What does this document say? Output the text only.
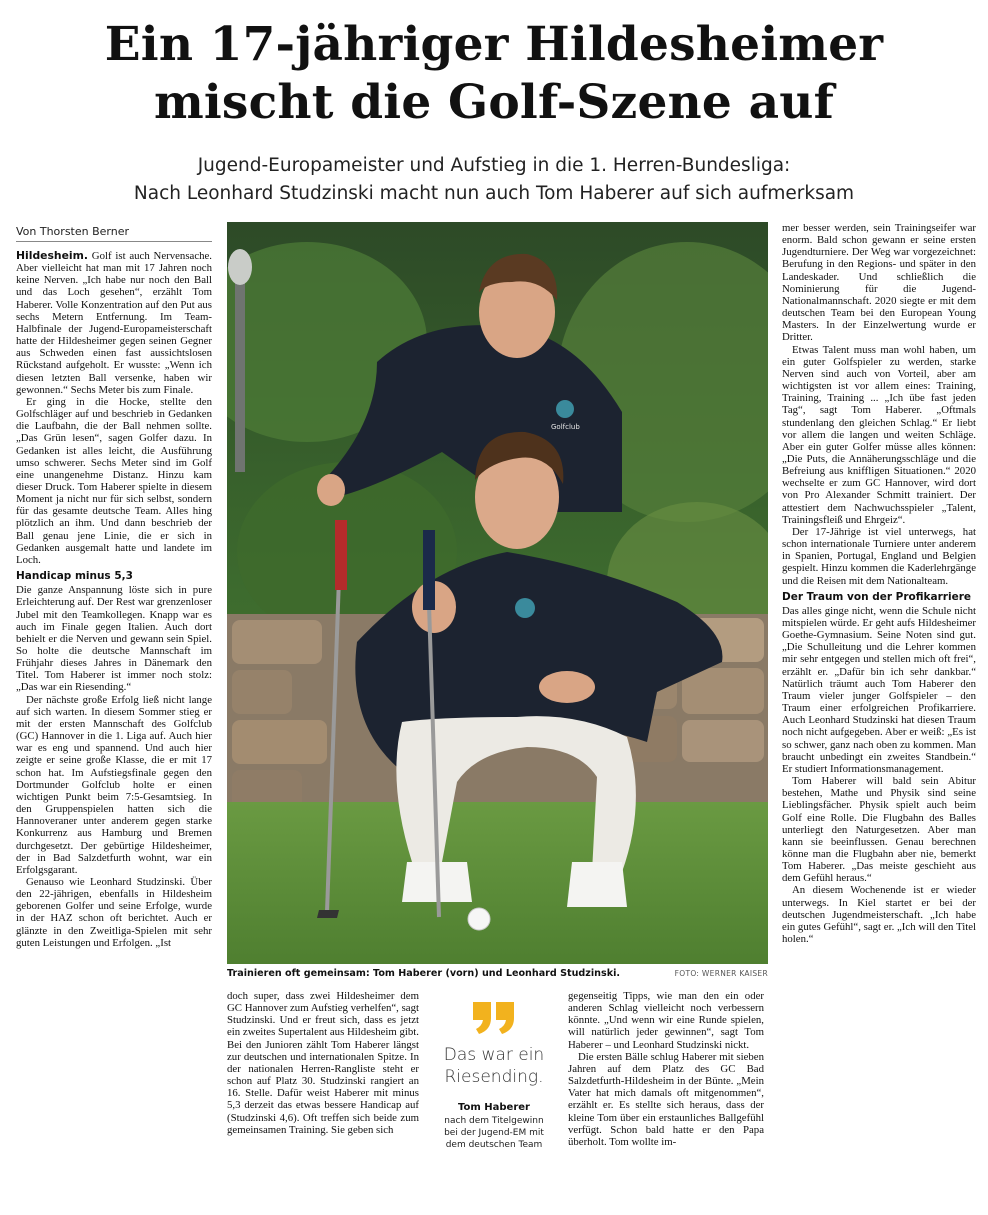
Ein 17-jähriger Hildesheimer
mischt die Golf-Szene auf
Jugend-Europameister und Aufstieg in die 1. Herren-Bundesliga:
Nach Leonhard Studzinski macht nun auch Tom Haberer auf sich aufmerksam
Von Thorsten Berner

Hildesheim. Golf ist auch Nervensache. Aber vielleicht hat man mit 17 Jahren noch keine Nerven. „Ich habe nur noch den Ball und das Loch gesehen“, erzählt Tom Haberer. Volle Konzentration auf den Put aus sechs Metern Entfernung. Im Team-Halbfinale der Jugend-Europameisterschaft hatte der Hildesheimer gegen seinen Gegner aus Schweden einen fast aussichtslosen Rückstand aufgeholt. Er wusste: „Wenn ich diesen letzten Ball versenke, haben wir gewonnen.“ Sechs Meter bis zum Finale.

Er ging in die Hocke, stellte den Golfschläger auf und beschrieb in Gedanken die Laufbahn, die der Ball nehmen sollte. „Das Grün lesen“, sagen Golfer dazu. In Gedanken ist alles leicht, die Ausführung umso schwerer. Sechs Meter sind im Golf eine unangenehme Distanz. Hinzu kam dieser Druck. Tom Haberer spielte in diesem Moment ja nicht nur für sich selbst, sondern für das gesamte deutsche Team. Alles hing plötzlich an ihm. Und dann beschrieb der Ball genau jene Linie, die er sich in Gedanken ausgemalt hatte und landete im Loch.

Handicap minus 5,3

Die ganze Anspannung löste sich in pure Erleichterung auf. Der Rest war grenzenloser Jubel mit den Teamkollegen. Knapp war es auch im Finale gegen Italien. Auch dort behielt er die Nerven und gewann sein Spiel. So holte die deutsche Mannschaft im Frühjahr dieses Jahres in Dänemark den Titel. Tom Haberer ist immer noch stolz: „Das war ein Riesending.“

Der nächste große Erfolg ließ nicht lange auf sich warten. In diesem Sommer stieg er mit der ersten Mannschaft des Golfclub (GC) Hannover in die 1. Liga auf. Auch hier war es eng und spannend. Und auch hier zeigte er seine große Klasse, die er mit 17 schon hat. Im Aufstiegsfinale gegen den Dortmunder Golfclub holte er einen wichtigen Punkt beim 7:5-Gesamtsieg. In den Gruppenspielen hatten sich die Hannoveraner unter anderem gegen starke Konkurrenz aus Hamburg und Bremen durchgesetzt. Der gebürtige Hildesheimer, der in Bad Salzdetfurth wohnt, war ein Erfolgsgarant.

Genauso wie Leonhard Studzinski. Über den 22-jährigen, ebenfalls in Hildesheim geborenen Golfer und seine Erfolge, wurde in der HAZ schon oft berichtet. Auch er glänzte in den Zweitliga-Spielen mit sehr guten Leistungen und Erfolgen. „Ist

Golfclub
Trainieren oft gemeinsam: Tom Haberer (vorn) und Leonhard Studzinski.	FOTO: WERNER KAISER

doch super, dass zwei Hildesheimer dem GC Hannover zum Aufstieg verhelfen“, sagt Studzinski. Und er freut sich, dass es jetzt ein zweites Supertalent aus Hildesheim gibt. Bei den Junioren zählt Tom Haberer längst zur deutschen und internationalen Spitze. In der nationalen Herren-Rangliste steht er schon auf Platz 30. Studzinski rangiert an 16. Stelle. Dafür weist Haberer mit minus 5,3 derzeit das etwas bessere Handicap auf (Studzinski 4,6). Oft treffen sich beide zum gemeinsamen Training. Sie geben sich

Das war ein
Riesending.
Tom Haberer
nach dem Titelgewinn
bei der Jugend-EM mit
dem deutschen Team

gegenseitig Tipps, wie man den ein oder anderen Schlag vielleicht noch verbessern könnte. „Und wenn wir eine Runde spielen, will natürlich jeder gewinnen“, sagt Tom Haberer – und Leonhard Studzinski nickt.

Die ersten Bälle schlug Haberer mit sieben Jahren auf dem Platz des GC Bad Salzdetfurth-Hildesheim in der Bünte. „Mein Vater hat mich damals oft mitgenommen“, erzählt er. Es stellte sich heraus, dass der kleine Tom über ein erstaunliches Ballgefühl verfügt. Schon bald hatte er den Papa überholt. Tom wollte im-

mer besser werden, sein Trainingseifer war enorm. Bald schon gewann er seine ersten Jugendturniere. Der Weg war vorgezeichnet: Berufung in den Regions- und später in den Landeskader. Und schließlich die Nominierung für die Jugend-Nationalmannschaft. 2020 siegte er mit dem deutschen Team bei den European Young Masters. In der Einzelwertung wurde er Dritter.

Etwas Talent muss man wohl haben, um ein guter Golfspieler zu werden, starke Nerven sind auch von Vorteil, aber am wichtigsten ist vor allem eines: Training, Training, Training ... „Ich übe fast jeden Tag“, sagt Tom Haberer. „Oftmals stundenlang den gleichen Schlag.“ Er liebt vor allem die langen und weiten Schläge. Aber ein guter Golfer müsse alles können: „Die Puts, die Annäherungsschläge und die Befreiung aus kniffligen Situationen.“ 2020 wechselte er zum GC Hannover, wird dort von Pro Alexander Schmitt trainiert. Der attestiert dem Nachwuchsspieler „Talent, Trainingsfleiß und Ehrgeiz“.

Der 17-Jährige ist viel unterwegs, hat schon internationale Turniere unter anderem in Spanien, Portugal, England und Belgien gespielt. Hinzu kommen die Kaderlehrgänge und die Reisen mit dem Nationalteam.

Der Traum von der Profikarriere

Das alles ginge nicht, wenn die Schule nicht mitspielen würde. Er geht aufs Hildesheimer Goethe-Gymnasium. Seine Noten sind gut. „Die Schulleitung und die Lehrer kommen mir sehr entgegen und stellen mich oft frei“, erzählt er. „Dafür bin ich sehr dankbar.“ Natürlich träumt auch Tom Haberer den Traum vieler junger Golfspieler – den Traum einer erfolgreichen Profikarriere. Auch Leonhard Studzinski hat diesen Traum noch nicht aufgegeben. Aber er weiß: „Es ist so schwer, ganz nach oben zu kommen. Man braucht unbedingt ein zweites Standbein.“ Er studiert Informationsmanagement.

Tom Haberer will bald sein Abitur bestehen, Mathe und Physik sind seine Lieblingsfächer. Physik spielt auch beim Golf eine Rolle. Die Flugbahn des Balles unterliegt den Naturgesetzen. Aber man kann sie beeinflussen. Genau berechnen könne man die Flugbahn aber nie, bemerkt Tom Haberer. „Das meiste geschieht aus dem Gefühl heraus.“

An diesem Wochenende ist er wieder unterwegs. In Kiel startet er bei der deutschen Jugendmeisterschaft. „Ich habe ein gutes Gefühl“, sagt er. „Ich will den Titel holen.“
